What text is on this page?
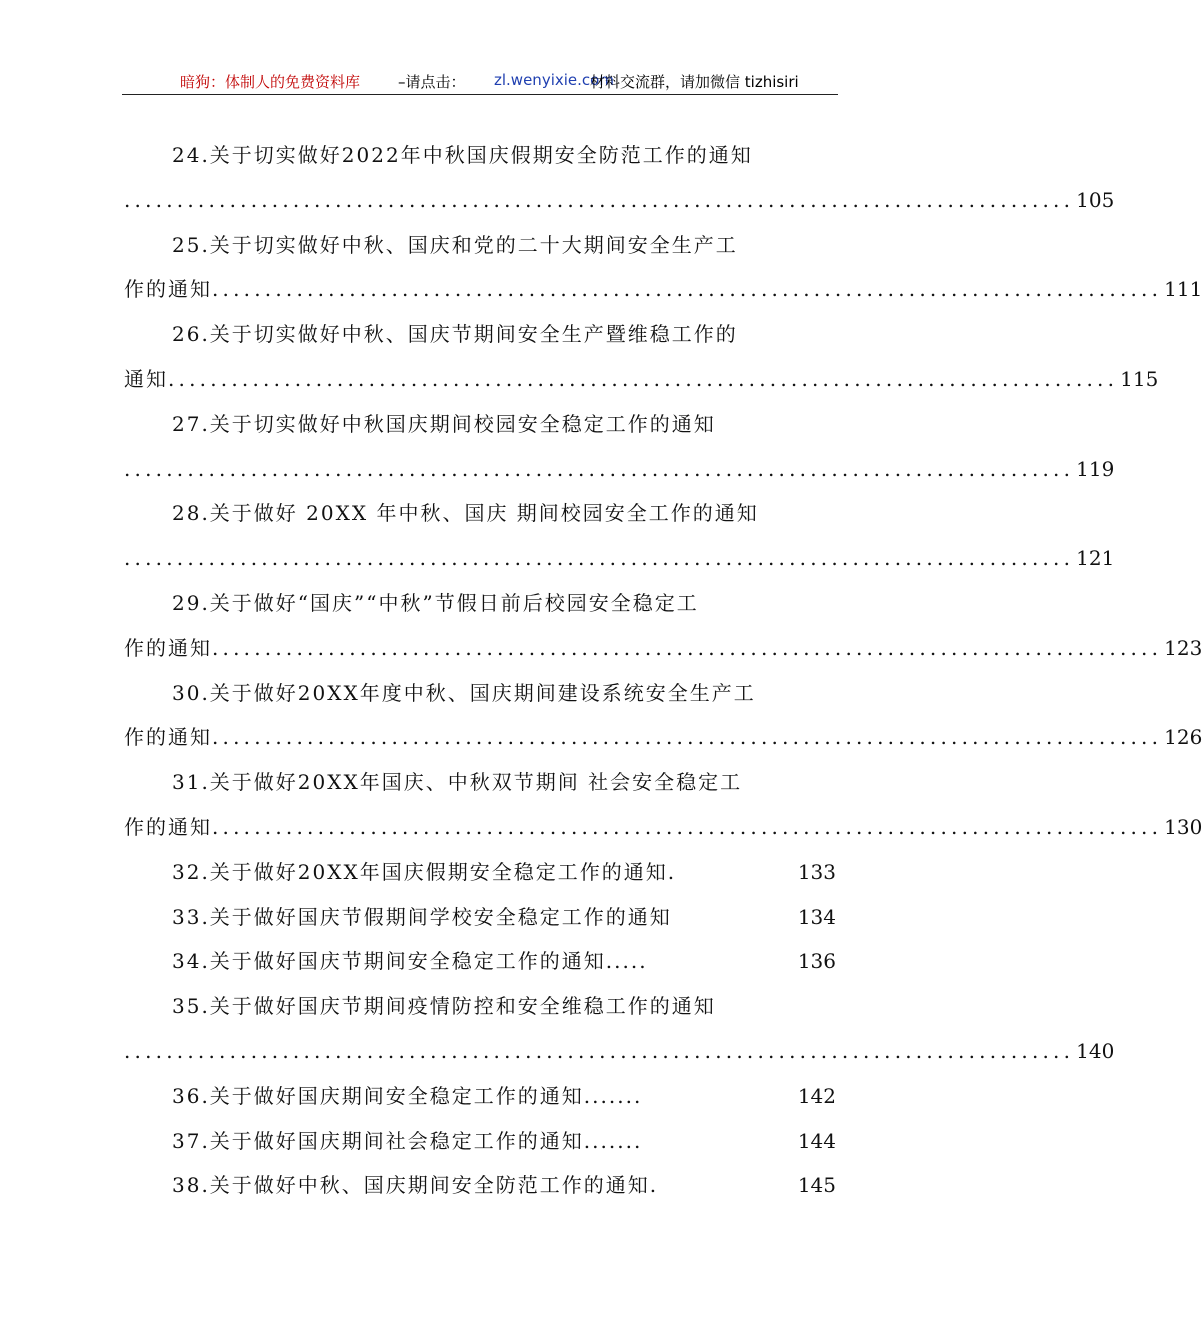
暗狗：体制人的免费资料库	–请点击： zl.wenyixie.com
材料交流群，请加微信 tizhisiri
24.关于切实做好2022年中秋国庆假期安全防范工作的通知
.......................................................................................... 105
25.关于切实做好中秋、国庆和党的二十大期间安全生产工
作的通知 .......................................................................................... 111
26.关于切实做好中秋、国庆节期间安全生产暨维稳工作的
通知 .......................................................................................... 115
27.关于切实做好中秋国庆期间校园安全稳定工作的通知
.......................................................................................... 119
28.关于做好 20XX 年中秋、国庆 期间校园安全工作的通知
.......................................................................................... 121
29.关于做好“国庆”“中秋”节假日前后校园安全稳定工
作的通知 .......................................................................................... 123
30.关于做好20XX年度中秋、国庆期间建设系统安全生产工
作的通知 .......................................................................................... 126
31.关于做好20XX年国庆、中秋双节期间 社会安全稳定工
作的通知 .......................................................................................... 130
32.关于做好20XX年国庆假期安全稳定工作的通知.	133
33.关于做好国庆节假期间学校安全稳定工作的通知	134
34.关于做好国庆节期间安全稳定工作的通知.....	136
35.关于做好国庆节期间疫情防控和安全维稳工作的通知
.......................................................................................... 140
36.关于做好国庆期间安全稳定工作的通知.......	142
37.关于做好国庆期间社会稳定工作的通知.......	144
38.关于做好中秋、国庆期间安全防范工作的通知.	145
